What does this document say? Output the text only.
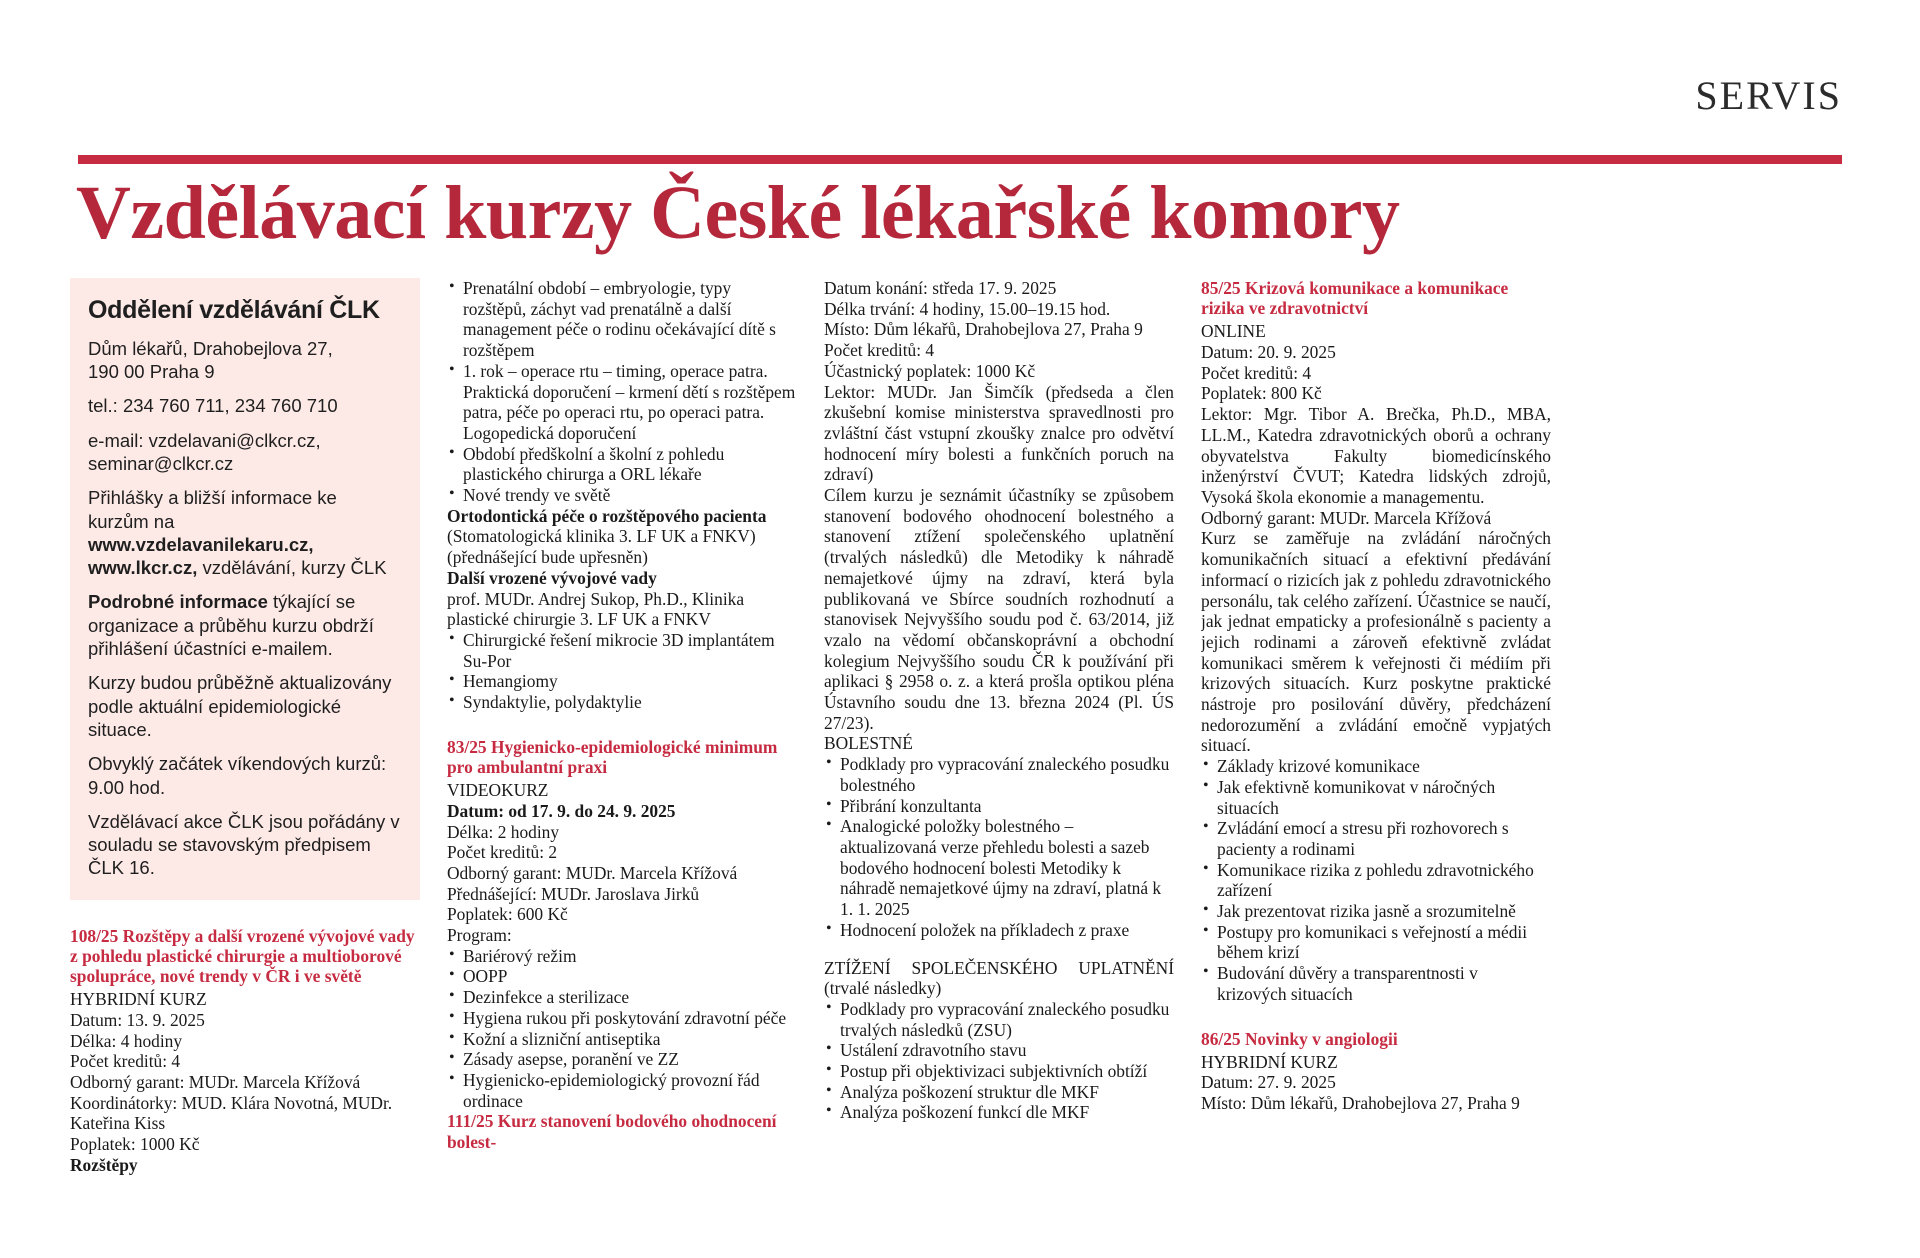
SERVIS
Vzdělávací kurzy České lékařské komory
Oddělení vzdělávání ČLK

Dům lékařů, Drahobejlova 27,
190 00 Praha 9

tel.: 234 760 711, 234 760 710

e-mail: vzdelavani@clkcr.cz,
seminar@clkcr.cz

Přihlášky a bližší informace ke kurzům na www.vzdelavanilekaru.cz, www.lkcr.cz, vzdělávání, kurzy ČLK

Podrobné informace týkající se organizace a průběhu kurzu obdrží přihlášení účastníci e-mailem.

Kurzy budou průběžně aktualizovány podle aktuální epidemiologické situace.

Obvyklý začátek víkendových kurzů: 9.00 hod.

Vzdělávací akce ČLK jsou pořádány v souladu se stavovským předpisem ČLK 16.

108/25 Rozštěpy a další vrozené vývojové vady z pohledu plastické chirurgie a multioborové spolupráce, nové trendy v ČR i ve světě
HYBRIDNÍ KURZ
Datum: 13. 9. 2025
Délka: 4 hodiny
Počet kreditů: 4
Odborný garant: MUDr. Marcela Křížová
Koordinátorky: MUD. Klára Novotná, MUDr. Kateřina Kiss
Poplatek: 1000 Kč
Rozštěpy
• Prenatální období – embryologie, typy rozštěpů, záchyt vad prenatálně a další management péče o rodinu očekávající dítě s rozštěpem
• 1. rok – operace rtu – timing, operace patra. Praktická doporučení – krmení dětí s rozštěpem patra, péče po operaci rtu, po operaci patra. Logopedická doporučení
• Období předškolní a školní z pohledu plastického chirurga a ORL lékaře
• Nové trendy ve světě
Ortodontická péče o rozštěpového pacienta
(Stomatologická klinika 3. LF UK a FNKV)
(přednášející bude upřesněn)
Další vrozené vývojové vady
prof. MUDr. Andrej Sukop, Ph.D., Klinika plastické chirurgie 3. LF UK a FNKV
• Chirurgické řešení mikrocie 3D implantátem Su-Por
• Hemangiomy
• Syndaktylie, polydaktylie
83/25 Hygienicko-epidemiologické minimum pro ambulantní praxi
VIDEOKURZ
Datum: od 17. 9. do 24. 9. 2025
Délka: 2 hodiny
Počet kreditů: 2
Odborný garant: MUDr. Marcela Křížová
Přednášející: MUDr. Jaroslava Jirků
Poplatek: 600 Kč
Program:
• Bariérový režim
• OOPP
• Dezinfekce a sterilizace
• Hygiena rukou při poskytování zdravotní péče
• Kožní a slizniční antiseptika
• Zásady asepse, poranění ve ZZ
• Hygienicko-epidemiologický provozní řád ordinace
111/25 Kurz stanovení bodového ohodnocení bolest-
Datum konání: středa 17. 9. 2025
Délka trvání: 4 hodiny, 15.00–19.15 hod.
Místo: Dům lékařů, Drahobejlova 27, Praha 9
Počet kreditů: 4
Účastnický poplatek: 1000 Kč
Lektor: MUDr. Jan Šimčík (předseda a člen zkušební komise ministerstva spravedlnosti pro zvláštní část vstupní zkoušky znalce pro odvětví hodnocení míry bolesti a funkčních poruch na zdraví)
Cílem kurzu je seznámit účastníky se způsobem stanovení bodového ohodnocení bolestného a stanovení ztížení společenského uplatnění (trvalých následků) dle Metodiky k náhradě nemajetkové újmy na zdraví, která byla publikovaná ve Sbírce soudních rozhodnutí a stanovisek Nejvyššího soudu pod č. 63/2014, již vzalo na vědomí občanskoprávní a obchodní kolegium Nejvyššího soudu ČR k používání při aplikaci § 2958 o. z. a která prošla optikou pléna Ústavního soudu dne 13. března 2024 (Pl. ÚS 27/23).
BOLESTNÉ
• Podklady pro vypracování znaleckého posudku bolestného
• Přibrání konzultanta
• Analogické položky bolestného – aktualizovaná verze přehledu bolesti a sazeb bodového hodnocení bolesti Metodiky k náhradě nemajetkové újmy na zdraví, platná k 1. 1. 2025
• Hodnocení položek na příkladech z praxe
ZTÍŽENÍ SPOLEČENSKÉHO UPLATNĚNÍ (trvalé následky)
• Podklady pro vypracování znaleckého posudku trvalých následků (ZSU)
• Ustálení zdravotního stavu
• Postup při objektivizaci subjektivních obtíží
• Analýza poškození struktur dle MKF
• Analýza poškození funkcí dle MKF
85/25 Krizová komunikace a komunikace rizika ve zdravotnictví
ONLINE
Datum: 20. 9. 2025
Počet kreditů: 4
Poplatek: 800 Kč
Lektor: Mgr. Tibor A. Brečka, Ph.D., MBA, LL.M., Katedra zdravotnických oborů a ochrany obyvatelstva Fakulty biomedicínského inženýrství ČVUT; Katedra lidských zdrojů, Vysoká škola ekonomie a managementu.
Odborný garant: MUDr. Marcela Křížová
Kurz se zaměřuje na zvládání náročných komunikačních situací a efektivní předávání informací o rizicích jak z pohledu zdravotnického personálu, tak celého zařízení. Účastnice se naučí, jak jednat empaticky a profesionálně s pacienty a jejich rodinami a zároveň efektivně zvládat komunikaci směrem k veřejnosti či médiím při krizových situacích. Kurz poskytne praktické nástroje pro posilování důvěry, předcházení nedorozumění a zvládání emočně vypjatých situací.
• Základy krizové komunikace
• Jak efektivně komunikovat v náročných situacích
• Zvládání emocí a stresu při rozhovorech s pacienty a rodinami
• Komunikace rizika z pohledu zdravotnického zařízení
• Jak prezentovat rizika jasně a srozumitelně
• Postupy pro komunikaci s veřejností a médii během krizí
• Budování důvěry a transparentnosti v krizových situacích
86/25 Novinky v angiologii
HYBRIDNÍ KURZ
Datum: 27. 9. 2025
Místo: Dům lékařů, Drahobejlova 27, Praha 9
